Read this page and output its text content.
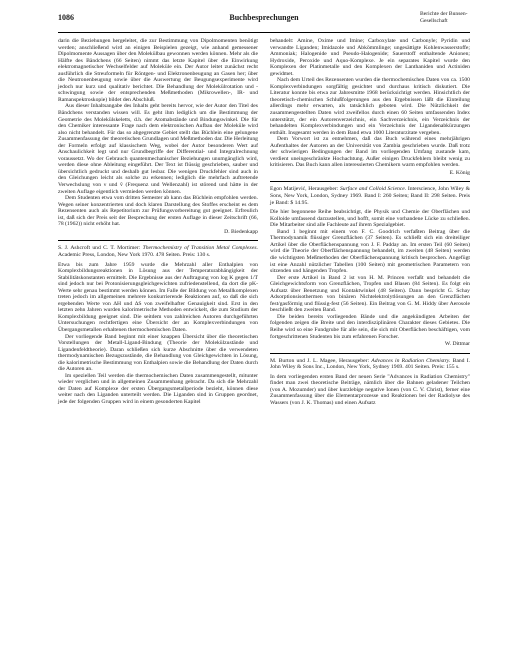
1086	Buchbesprechungen	Berichte der Bunsen-Gesellschaft

darin die Beziehungen hergeleitet, die zur Bestimmung von Dipolmomenten benötigt werden; anschließend wird an einigen Beispielen gezeigt, wie anhand gemessener Dipolmomente Aussagen über den Molekülbau gewonnen werden können. Mehr als die Hälfte des Bändchens (66 Seiten) nimmt das letzte Kapitel über die Einwirkung elektromagnetischer Wechselfelder auf Moleküle ein. Der Autor leitet zunächst recht ausführlich die Streuformeln für Röntgen- und Elektronenbeugung an Gasen her; über die Neutronenbeugung sowie über die Auswertung der Beugungsexperimente wird jedoch nur kurz und qualitativ berichtet. Die Behandlung der Molekülrotation und -schwingung sowie der entsprechenden Meßmethoden (Mikrowellen-, IR- und Ramanspektroskopie) bildet den Abschluß.

Aus dieser Inhaltsangabe des Inhalts geht bereits hervor, wie der Autor den Titel des Bändchens verstanden wissen will. Es geht ihm lediglich um die Bestimmung der Geometrie des Molekülskeletts, d.h. der Atomabstände und Bindungswinkel. Die für den Chemiker interessante Frage nach dem elektronischen Aufbau der Moleküle wird also nicht behandelt. Für das so abgegrenzte Gebiet stellt das Büchlein eine gelungene Zusammenfassung der theoretischen Grundlagen und Meßmethoden dar. Die Herleitung der Formeln erfolgt auf klassischem Weg, wobei der Autor besonderen Wert auf Anschaulichkeit legt und nur Grundbegriffe der Differential- und Integralrechnung voraussetzt. Wo der Gebrauch quantenmechanischer Beziehungen unumgänglich wird, werden diese ohne Ableitung eingeführt. Der Text ist flüssig geschrieben, sauber und übersichtlich gedruckt und deshalb gut lesbar. Die wenigen Druckfehler sind auch in den Gleichungen leicht als solche zu erkennen; lediglich die mehrfach auftretende Verwechslung von ν und ṽ (Frequenz und Wellenzahl) ist störend und hätte in der zweiten Auflage eigentlich vermieden werden können.

Dem Studenten etwa vom dritten Semester ab kann das Büchlein empfohlen werden. Wegen seiner konzentrierten und doch klaren Darstellung des Stoffes erscheint es dem Rezensenten auch als Repetitorium zur Prüfungsvorbereitung gut geeignet. Erfreulich ist, daß sich der Preis seit der Besprechung der ersten Auflage in dieser Zeitschrift (66, 78 (1962)) nicht erhöht hat.

D. Biedenkapp

S. J. Ashcroft und C. T. Mortimer: Thermochemistry of Transition Metal Complexes. Academic Press, London, New York 1970. 478 Seiten. Preis: 130 s.

Etwa bis zum Jahre 1959 wurde die Mehrzahl aller Enthalpien von Komplexbildungsreaktionen in Lösung aus der Temperaturabhängigkeit der Stabilitätskonstanten ermittelt. Die Ergebnisse aus der Auftragung von log K gegen 1/T sind jedoch nur bei Protonisierungsgleichgewichten zufriedenstellend, da dort die pK-Werte sehr genau bestimmt werden können. Im Falle der Bildung von Metallkomplexen treten jedoch im allgemeinen mehrere konkurrierende Reaktionen auf, so daß die sich ergebenden Werte von ΔH und ΔS von zweifelhafter Genauigkeit sind. Erst in den letzten zehn Jahren wurden kalorimetrische Methoden entwickelt, die zum Studium der Komplexbildung geeignet sind. Die seitdem von zahlreichen Autoren durchgeführten Untersuchungen rechtfertigen eine Übersicht der an Komplexverbindungen von Übergangsmetallen erhaltenen thermochemischen Daten.

Der vorliegende Band beginnt mit einer knappen Übersicht über die theoretischen Vorstellungen der Metall-Ligand-Bindung (Theorie der Molekülzustände und Ligandenfeldtheorie). Daran schließen sich kurze Abschnitte über die verwendeten thermodynamischen Bezugszustände, die Behandlung von Gleichgewichten in Lösung, die kalorimetrische Bestimmung von Enthalpien sowie die Behandlung der Daten durch die Autoren an.

Im speziellen Teil werden die thermochemischen Daten zusammengestellt, mitunter wieder verglichen und in allgemeinen Zusammenhang gebracht. Da sich die Mehrzahl der Daten auf Komplexe der ersten Übergangsmetallperiode bezieht, können diese weiter nach den Liganden unterteilt werden. Die Liganden sind in Gruppen geordnet, jede der folgenden Gruppen wird in einem gesonderten Kapitel

behandelt: Amine, Oxime und Imine; Carboxylate und Carbonyle; Pyridin und verwandte Liganden; Imidazole und Abkömmlinge; ungesättigte Kohlenwasserstoffe; Ammoniak; Halogenide und Pseudo-Halogenide; Sauerstoff enthaltende Anionen; Hydroxide, Peroxide und Aquo-Komplexe. Je ein separates Kapitel wurde den Komplexen der Platinmetalle und den Komplexen der Lanthaniden und Actiniden gewidmet.

Nach dem Urteil des Rezensenten wurden die thermochemischen Daten von ca. 1500 Komplexverbindungen sorgfältig gesichtet und durchaus kritisch diskutiert. Die Literatur konnte bis etwa zur Jahresmitte 1968 berücksichtigt werden. Hinsichtlich der theoretisch-chemischen Schlußfolgerungen aus den Ergebnissen läßt die Einteilung allerdings mehr erwarten, als tatsächlich geboten wird. Die Nützlichkeit der zusammengestellten Daten wird zweifellos durch einen 60 Seiten umfassenden Index unterstützt, der ein Autorenverzeichnis, ein Sachverzeichnis, ein Verzeichnis der behandelten Komplexverbindungen und ein Verzeichnis der Ligandenabkürzungen enthält. Insgesamt werden in dem Band etwa 1000 Literaturzitate vergeben.

Dem Vorwort ist zu entnehmen, daß das Buch während eines mehrjährigen Aufenthaltes der Autoren an der Universität von Zambia geschrieben wurde. Daß trotz der schwierigen Bedingungen der Band im vorliegenden Umfang zustande kam, verdient uneingeschränkte Hochachtung. Außer einigen Druckfehlern bleibt wenig zu kritisieren. Das Buch kann allen interessierten Chemikern warm empfohlen werden.

E. König

Egon Matijević, Herausgeber: Surface and Colloid Science. Interscience, John Wiley & Sons, New York, London, Sydney 1969. Band I: 260 Seiten; Band II: 298 Seiten. Preis je Band: $ 14.95.

Die hier begonnene Reihe beabsichtigt, die Physik und Chemie der Oberflächen und Kolloide umfassend darzustellen, und hofft, somit eine vorhandene Lücke zu schließen. Die Mitarbeiter sind alle Fachleute auf ihrem Spezialgebiet.

Band 1 beginnt mit einem von F. C. Goodrich verfaßten Beitrag über die Thermodynamik flüssiger Grenzflächen (37 Seiten). Es schließt sich ein dreiteiliger Artikel über die Oberflächenspannung von J. F. Padday an. Im ersten Teil (60 Seiten) wird die Theorie der Oberflächenspannung behandelt, im zweiten (48 Seiten) werden die wichtigsten Meßmethoden der Oberflächenspannung kritisch besprochen. Angefügt ist eine Anzahl nützlicher Tabellen (100 Seiten) mit geometrischen Parametern von sitzenden und hängenden Tropfen.

Der erste Artikel in Band 2 ist von H. M. Princen verfaßt und behandelt die Gleichgewichtsform von Grenzflächen, Tropfen und Blasen (84 Seiten). Es folgt ein Aufsatz über Benetzung und Kontaktwinkel (48 Seiten). Dann bespricht G. Schay Adsorptionsisothermen von binären Nichtelektrolytlösungen an den Grenzflächen fest/gasförmig und flüssig-fest (56 Seiten). Ein Beitrag von G. M. Hiddy über Aerosole beschließt den zweiten Band.

Die beiden bereits vorliegenden Bände und die angekündigten Arbeiten der folgenden zeigen die Breite und den interdisziplinären Charakter dieses Gebietes. Die Reihe wird so eine Fundgrube für alle sein, die sich mit Oberflächen beschäftigen, vom fortgeschrittenen Studenten bis zum erfahrenen Forscher.

W. Dittmar

M. Burton und J. L. Magee, Herausgeber: Advances in Radiation Chemistry. Band I. John Wiley & Sons Inc., London, New York, Sydney 1969. 401 Seiten. Preis: 155 s.

In dem vorliegenden ersten Band der neuen Serie "Advances in Radiation Chemistry" findet man zwei theoretische Beiträge, nämlich über die Bahnen geladener Teilchen (von A. Mozumder) und über kurzlebige negative Ionen (von C. V. Christ), ferner eine Zusammenfassung über die Elementarprozesse und Reaktionen bei der Radiolyse des Wassers (von J. K. Thomas) und einen Aufsatz
